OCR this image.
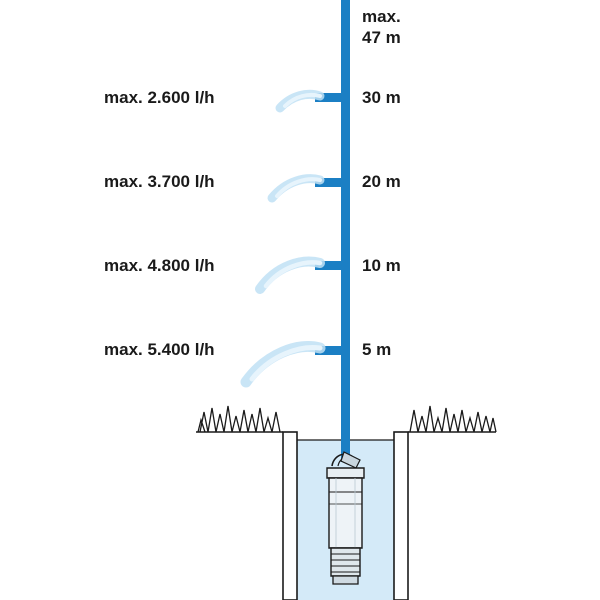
max.
47 m
max. 2.600 l/h
max. 3.700 l/h
max. 4.800 l/h
max. 5.400 l/h
30 m
20 m
10 m
5 m
